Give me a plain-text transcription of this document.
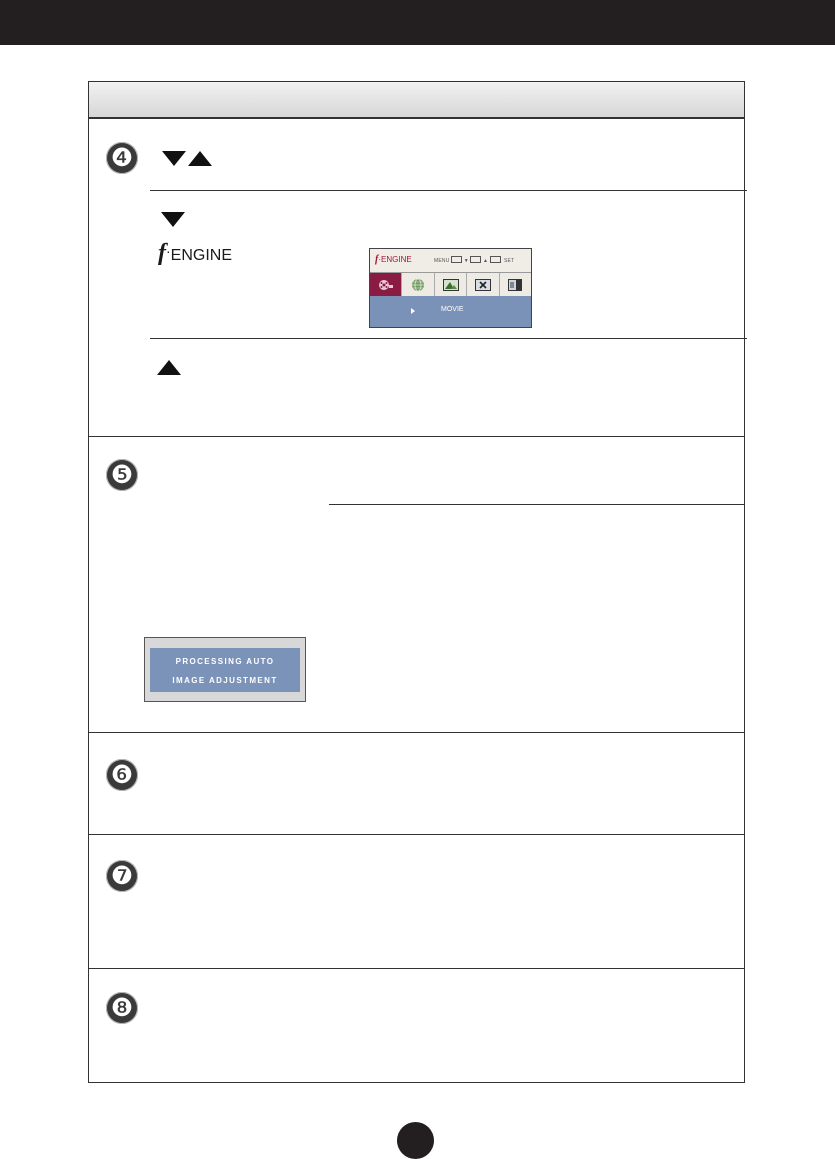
❹
❺
❻
❼
❽
f·ENGINE	f·ENGINE	MENU	▼  ▲	SET
MOVIE
PROCESSING AUTO
IMAGE ADJUSTMENT
